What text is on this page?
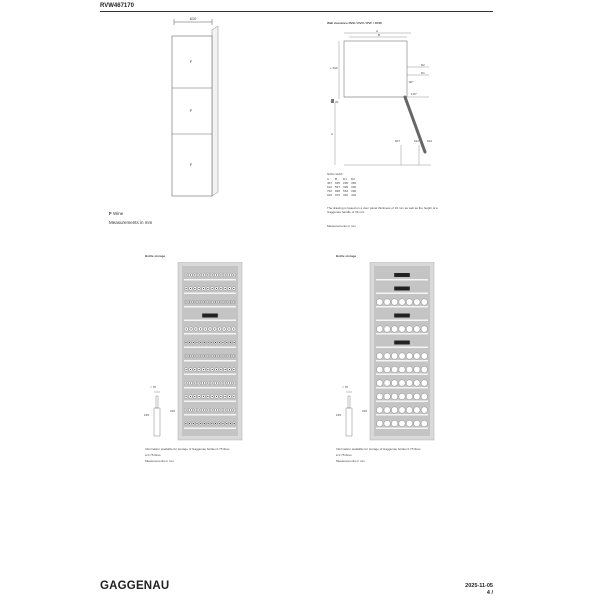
RVW467170
610
F
F
F
F Wine
Measurements in mm
Wall clearance RVB / RVO / RVF / RVW
A
B
+ 640
D2
D1
90°
115°
20
A
607	612	610
Niche width
A	B	D1	D2
457	635	295	365
610	597	399	330
762	838	564	395
910	970	340	402
The drawing is based on a door panel thickness of 19 mm as well as the height of a Gaggenau handle of 39 mm.
Measurements in mm
Bottle storage
< 70
165
310
Information available for storage of Gaggenau bottles 0.75 litres
● 0.75 litres
Measurements in mm
Bottle storage
< 70
165
310
Information available for storage of Gaggenau bottles 0.75 litres
● 0.75 litres
Measurements in mm
GAGGENAU	2025-11-05
4 /
